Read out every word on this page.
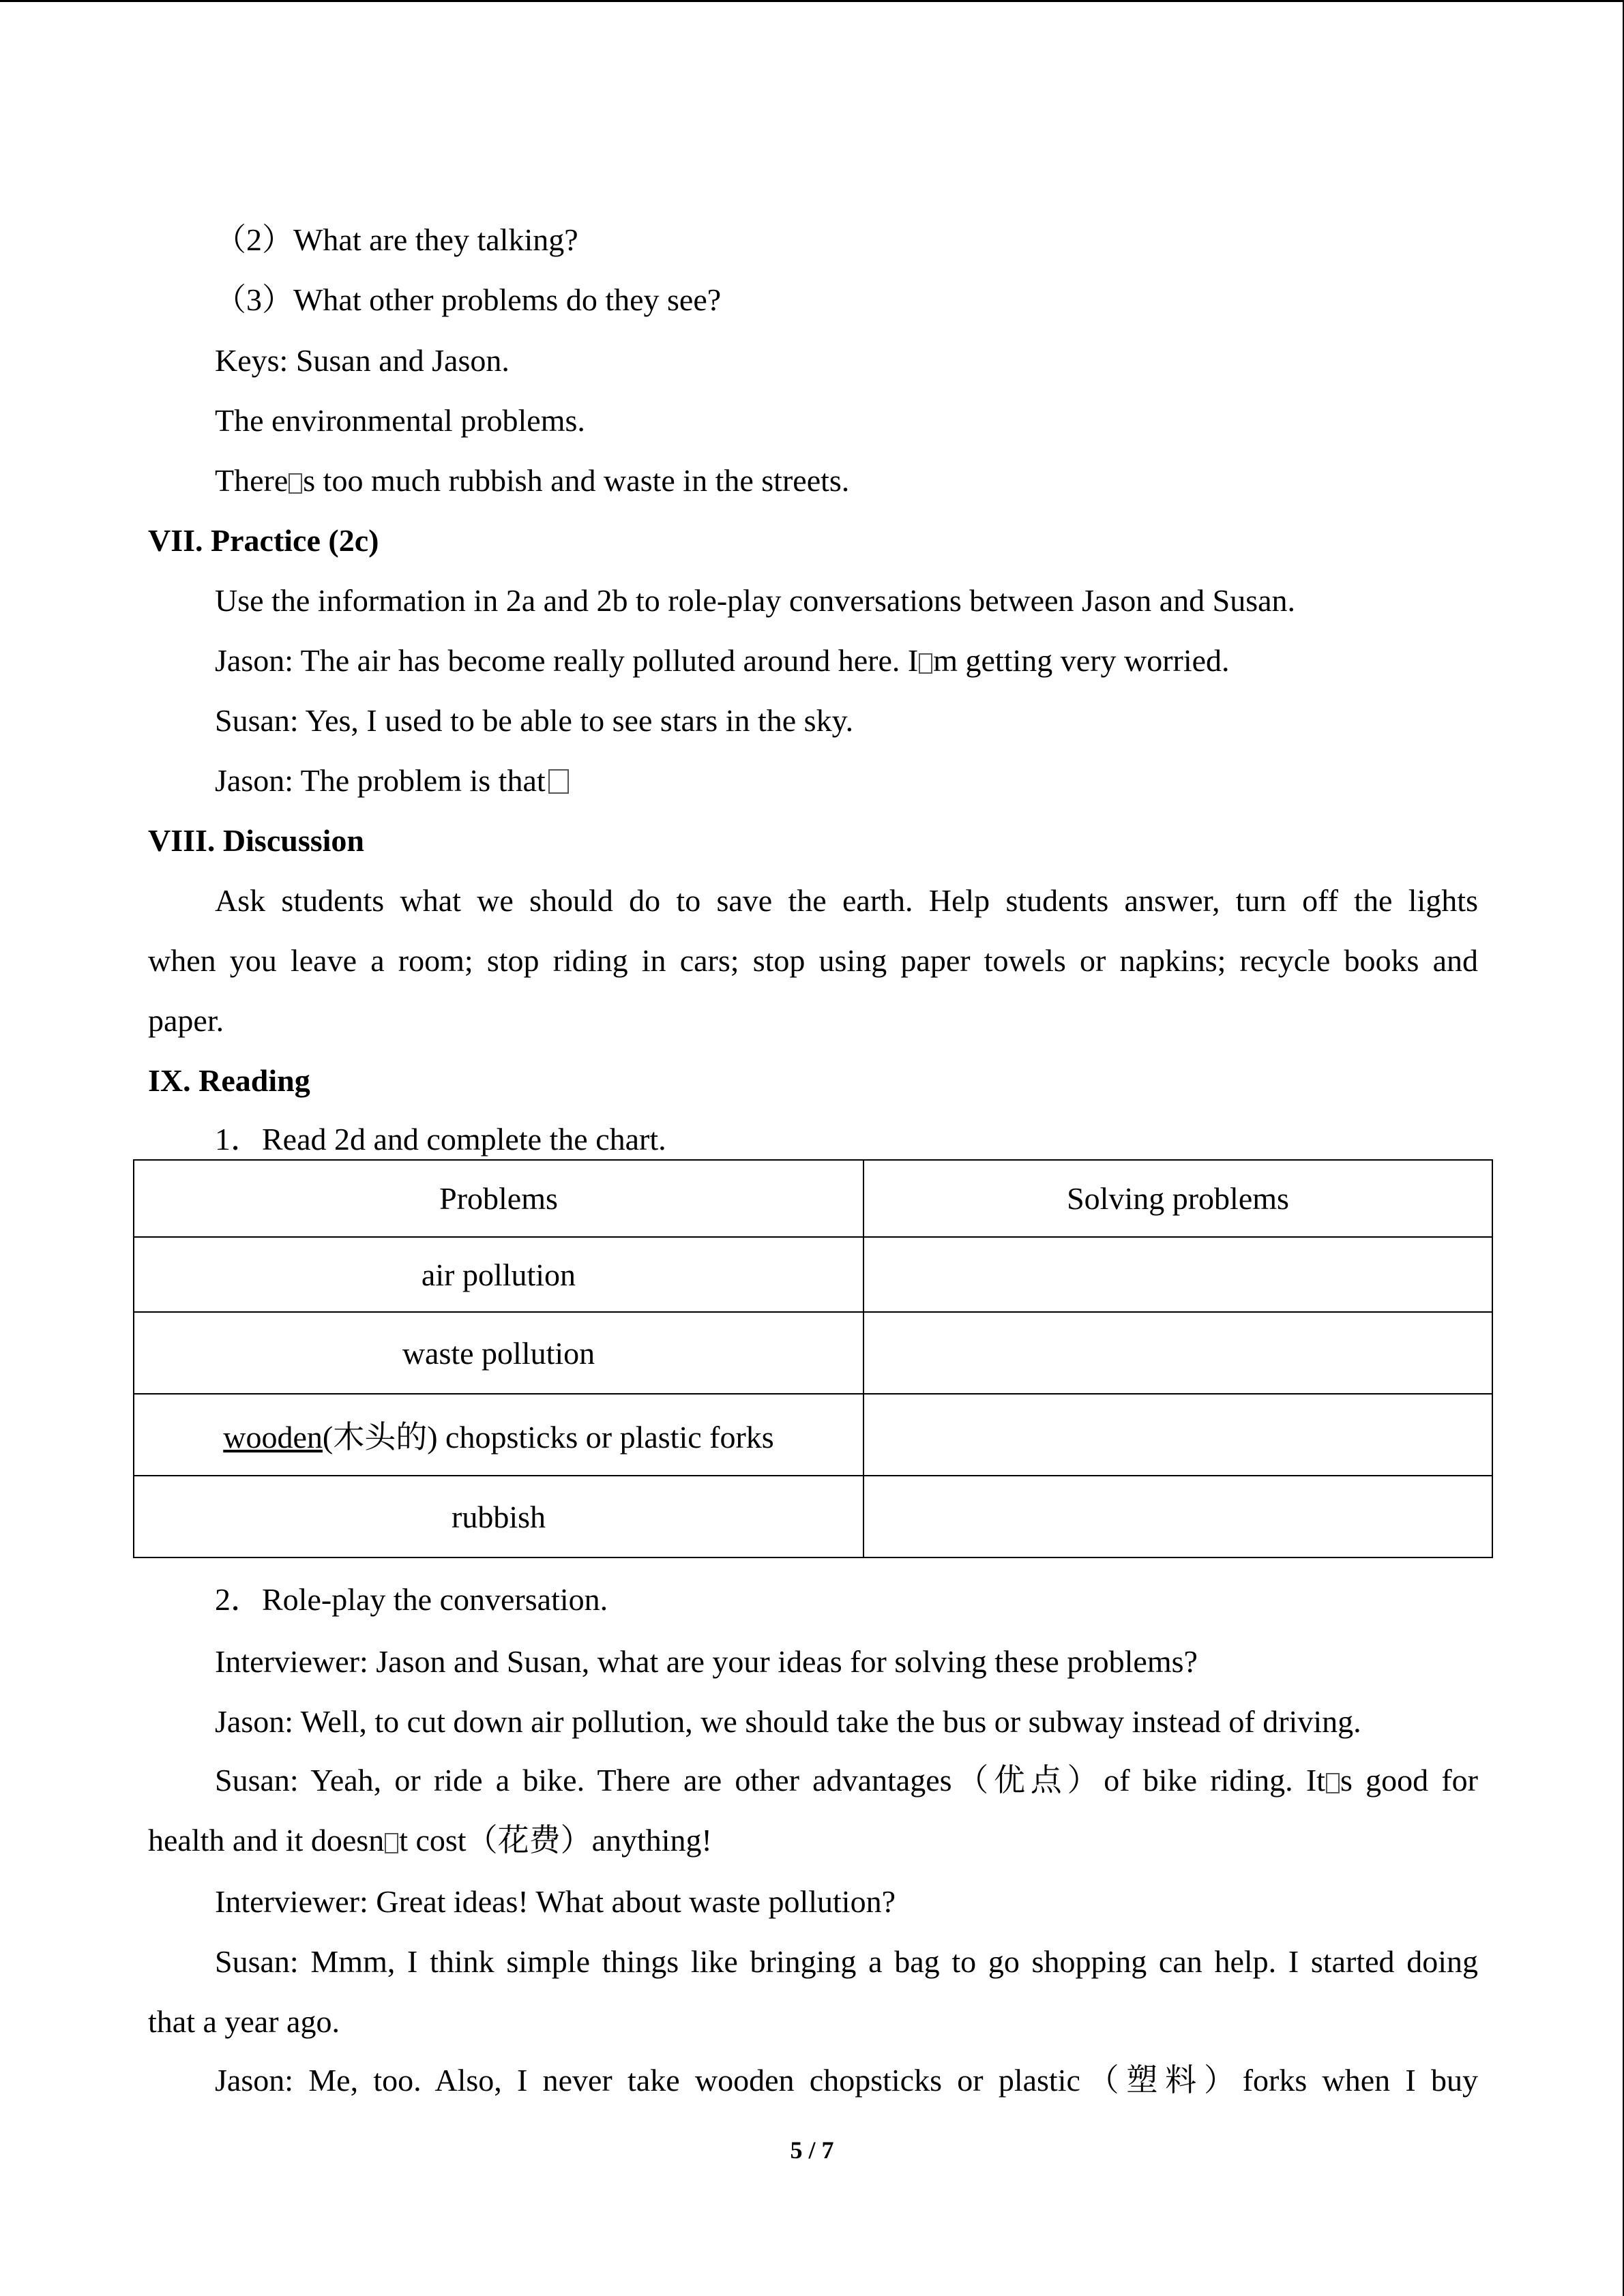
（2）What are they talking?
（3）What other problems do they see?
Keys: Susan and Jason.
The environmental problems.
There s too much rubbish and waste in the streets.
VII. Practice (2c)
Use the information in 2a and 2b to role-play conversations between Jason and Susan.
Jason: The air has become really polluted around here. I m getting very worried.
Susan: Yes, I used to be able to see stars in the sky.
Jason: The problem is that
VIII. Discussion
Ask students what we should do to save the earth. Help students answer, turn off the lights
when you leave a room; stop riding in cars; stop using paper towels or napkins; recycle books and
paper.
IX. Reading
1．Read 2d and complete the chart.
Problems	Solving problems
air pollution	
waste pollution	
wooden(木头的) chopsticks or plastic forks	
rubbish	
2．Role-play the conversation.
Interviewer: Jason and Susan, what are your ideas for solving these problems?
Jason: Well, to cut down air pollution, we should take the bus or subway instead of driving.
Susan: Yeah, or ride a bike. There are other advantages（优点）of bike riding. It s good for
health and it doesn t cost（花费）anything!
Interviewer: Great ideas! What about waste pollution?
Susan: Mmm, I think simple things like bringing a bag to go shopping can help. I started doing
that a year ago.
Jason: Me, too. Also, I never take wooden chopsticks or plastic（塑料）forks when I buy
5 / 7
